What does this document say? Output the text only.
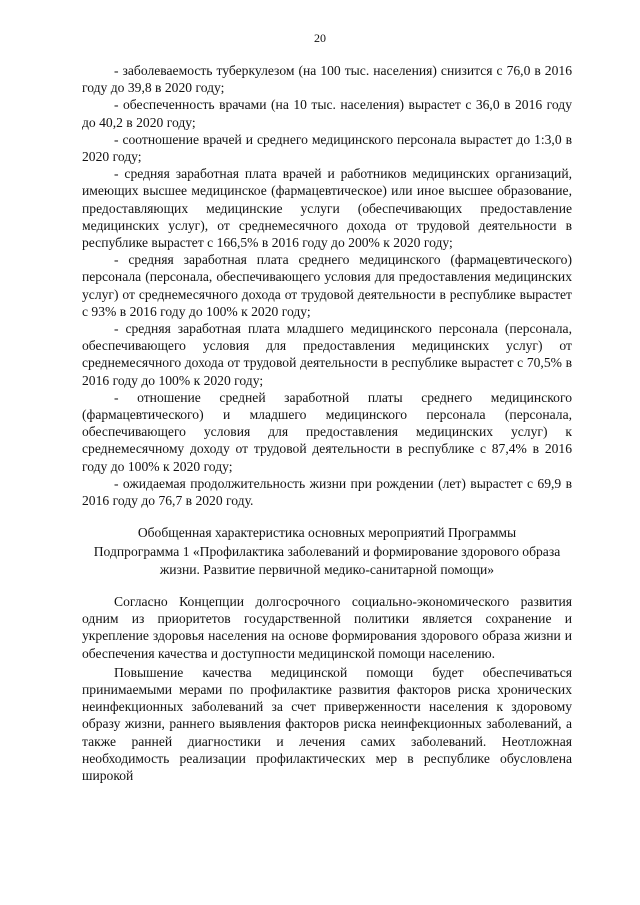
20

- заболеваемость туберкулезом (на 100 тыс. населения) снизится с 76,0 в 2016 году до 39,8 в 2020 году;

- обеспеченность врачами (на 10 тыс. населения) вырастет с 36,0 в 2016 году до 40,2 в 2020 году;

- соотношение врачей и среднего медицинского персонала вырастет до 1:3,0 в 2020 году;

- средняя заработная плата врачей и работников медицинских организаций, имеющих высшее медицинское (фармацевтическое) или иное высшее образование, предоставляющих медицинские услуги (обеспечивающих предоставление медицинских услуг), от среднемесячного дохода от трудовой деятельности в республике вырастет с 166,5% в 2016 году до 200% к 2020 году;

- средняя заработная плата среднего медицинского (фармацевтического) персонала (персонала, обеспечивающего условия для предоставления медицинских услуг) от среднемесячного дохода от трудовой деятельности в республике вырастет с 93% в 2016 году до 100% к 2020 году;

- средняя заработная плата младшего медицинского персонала (персонала, обеспечивающего условия для предоставления медицинских услуг) от среднемесячного дохода от трудовой деятельности в республике вырастет с 70,5% в 2016 году до 100% к 2020 году;

- отношение средней заработной платы среднего медицинского (фармацевтического) и младшего медицинского персонала (персонала, обеспечивающего условия для предоставления медицинских услуг) к среднемесячному доходу от трудовой деятельности в республике с 87,4% в 2016 году до 100% к 2020 году;

- ожидаемая продолжительность жизни при рождении (лет) вырастет с 69,9 в 2016 году до 76,7 в 2020 году.

Обобщенная характеристика основных мероприятий Программы

Подпрограмма 1 «Профилактика заболеваний и формирование здорового образа жизни. Развитие первичной медико-санитарной помощи»

Согласно Концепции долгосрочного социально-экономического развития одним из приоритетов государственной политики является сохранение и укрепление здоровья населения на основе формирования здорового образа жизни и обеспечения качества и доступности медицинской помощи населению.

Повышение качества медицинской помощи будет обеспечиваться принимаемыми мерами по профилактике развития факторов риска хронических неинфекционных заболеваний за счет приверженности населения к здоровому образу жизни, раннего выявления факторов риска неинфекционных заболеваний, а также ранней диагностики и лечения самих заболеваний. Неотложная необходимость реализации профилактических мер в республике обусловлена широкой
